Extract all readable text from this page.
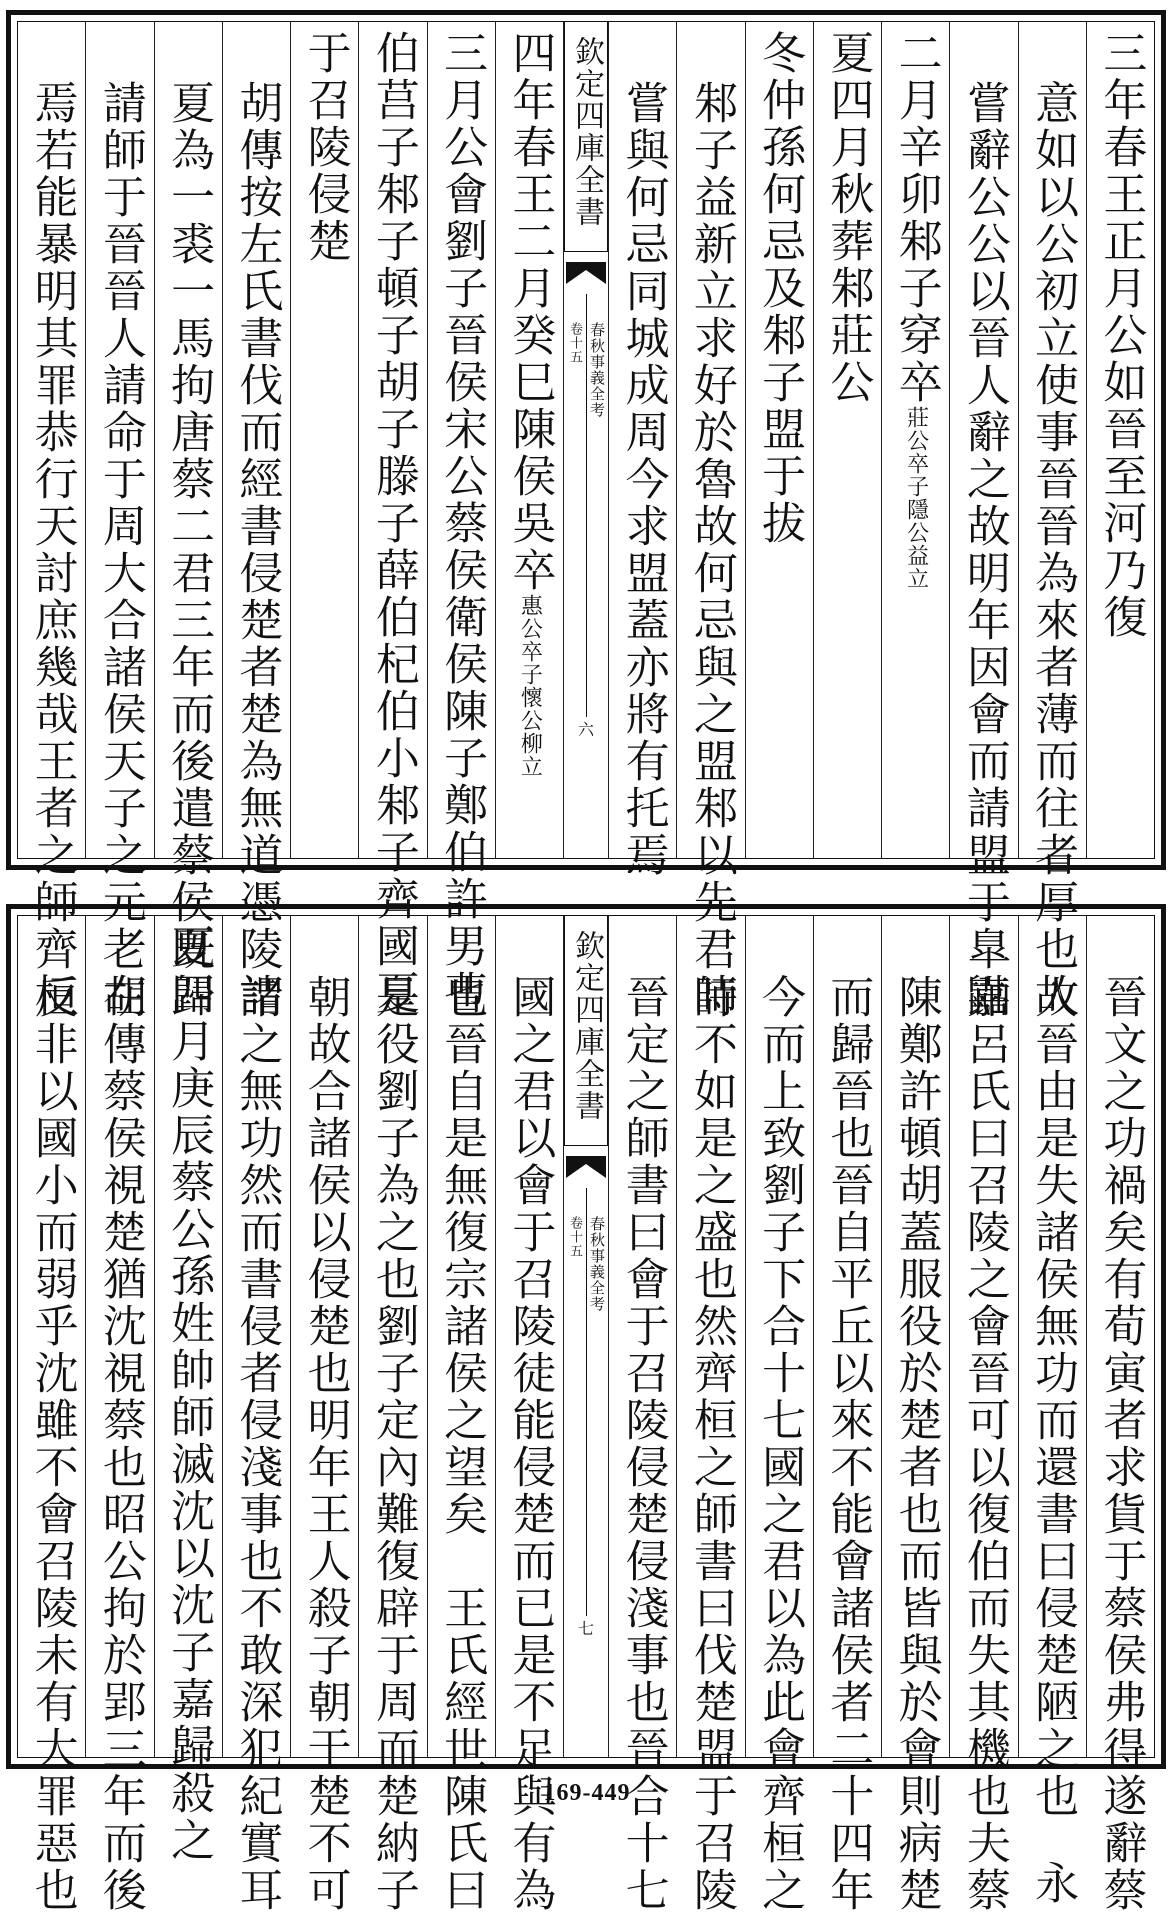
三年春王正月公如晉至河乃復
意如以公初立使事晉晉為來者薄而往者厚也故
嘗辭公公以晉人辭之故明年因會而請盟于臯鼬
二月辛卯邾子穿卒莊公卒子隱公益立
夏四月秋葬邾莊公
冬仲孫何忌及邾子盟于拔
邾子益新立求好於魯故何忌與之盟邾以先君時
嘗與何忌同城成周今求盟蓋亦將有托焉
欽定四庫全書
春秋事義全考
卷十五
六
四年春王二月癸巳陳侯吳卒惠公卒子懷公柳立
三月公會劉子晉侯宋公蔡侯衛侯陳子鄭伯許男曹
伯莒子邾子頓子胡子滕子薛伯杞伯小邾子齊國夏
于召陵侵楚
胡傳按左氏書伐而經書侵楚者楚為無道憑陵諸
夏為一裘一馬拘唐蔡二君三年而後遣蔡侯既歸
請師于晉晉人請命于周大合諸侯天子之元老在
焉若能暴明其罪恭行天討庶幾哉王者之師齊桓
晉文之功禍矣有荀寅者求貨于蔡侯弗得遂辭蔡
人晉由是失諸侯無功而還書曰侵楚陋之也永
嘉呂氏曰召陵之會晉可以復伯而失其機也夫蔡
陳鄭許頓胡蓋服役於楚者也而皆與於會則病楚
而歸晉也晉自平丘以來不能會諸侯者二十四年
今而上致劉子下合十七國之君以為此會齊桓之
師不如是之盛也然齊桓之師書曰伐楚盟于召陵
晉定之師書曰會于召陵侵楚侵淺事也晉合十七
欽定四庫全書
春秋事義全考
卷十五
七
國之君以會于召陵徒能侵楚而已是不足與有為
也晉自是無復宗諸侯之望矣　王氏經世陳氏曰
是役劉子為之也劉子定內難復辟于周而楚納子
朝故合諸侯以侵楚也明年王人殺子朝于楚不可
謂之無功然而書侵者侵淺事也不敢深犯紀實耳
夏四月庚辰蔡公孫姓帥師滅沈以沈子嘉歸殺之
胡傳蔡侯視楚猶沈視蔡也昭公拘於郢三年而後
反非以國小而弱乎沈雖不會召陵未有大罪惡也	169-449
